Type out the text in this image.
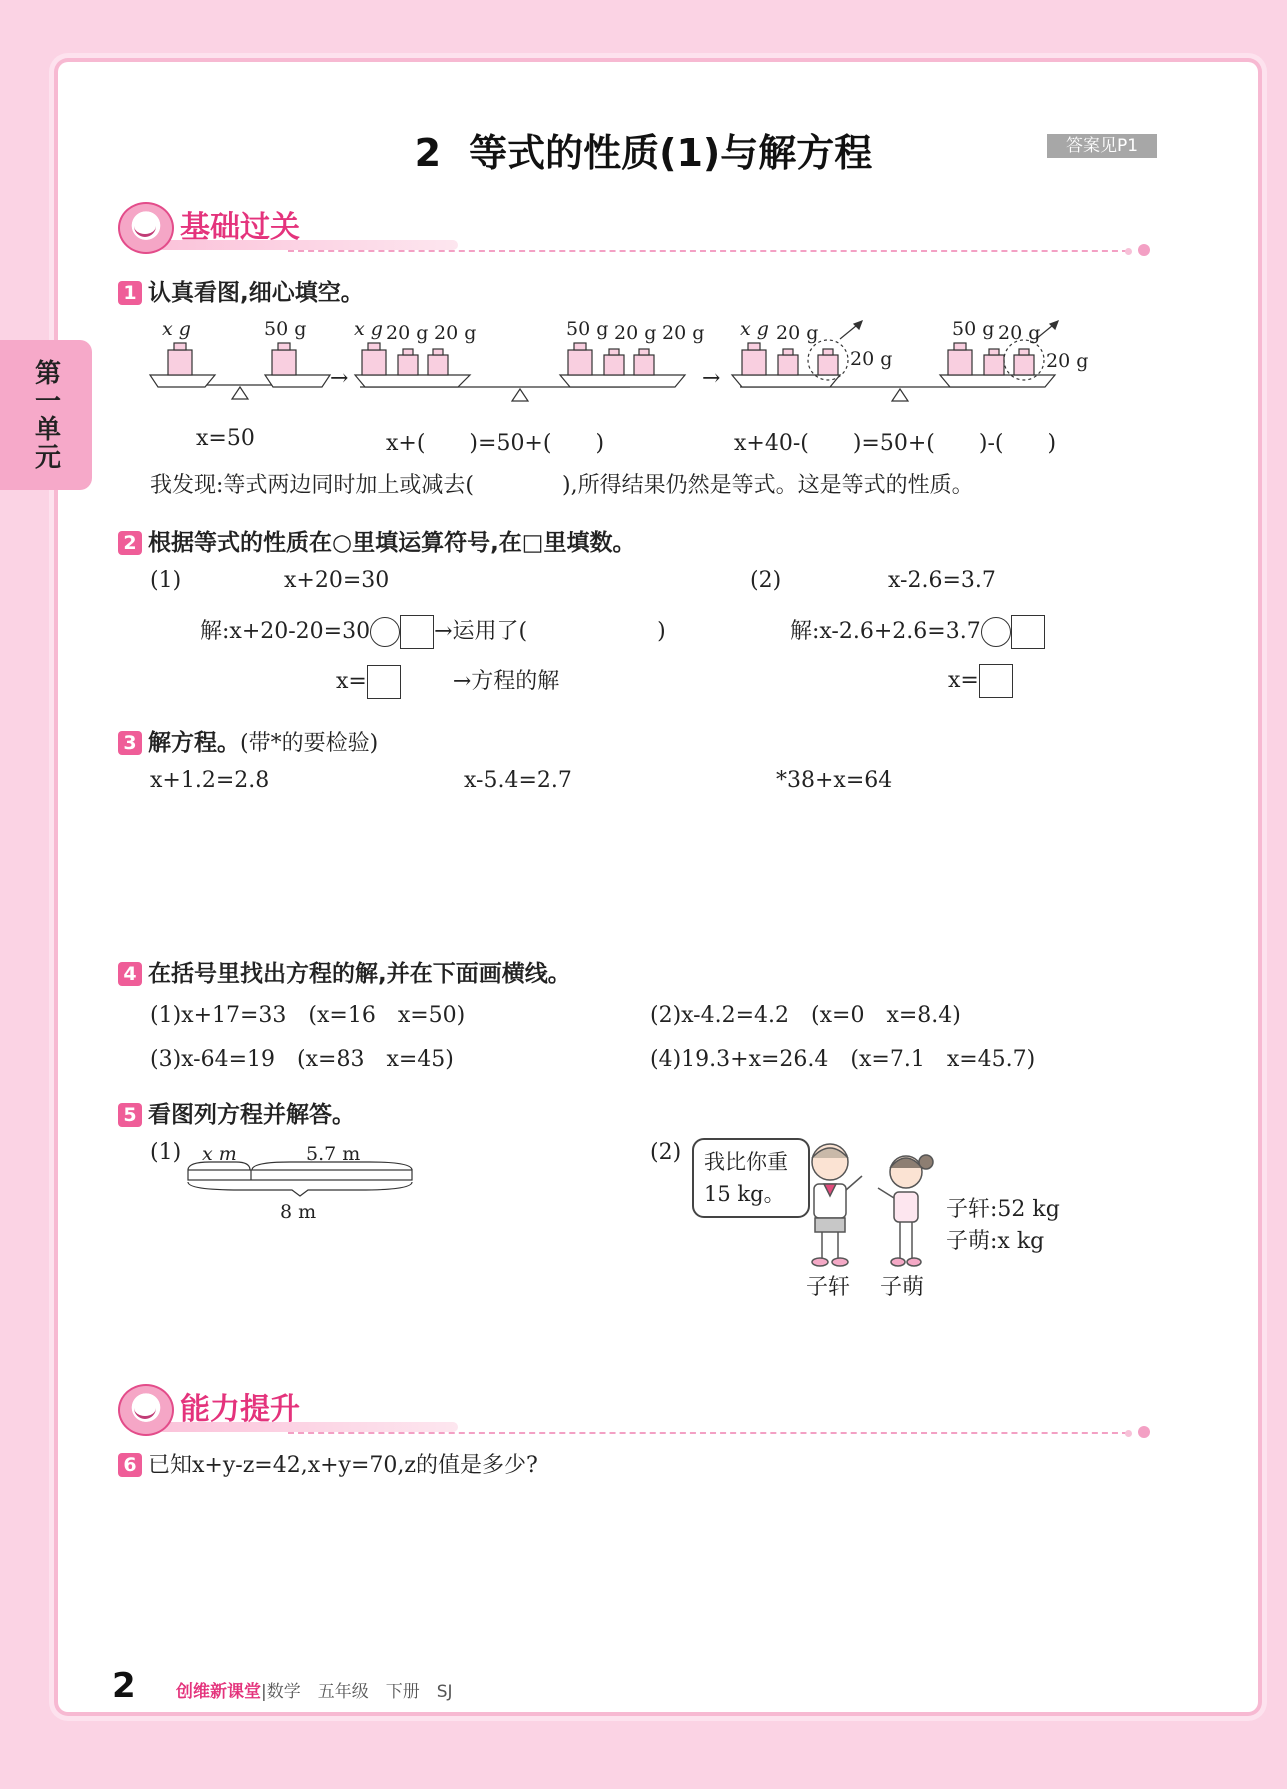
第一单元
2 等式的性质(1)与解方程	答案见P1
基础过关
1 认真看图,细心填空。
x g	50 g
→
x g 20 g 20 g	50 g 20 g 20 g
→
x g 20 g
20 g
50 g 20 g
20 g
x=50	x+(　　)=50+(　　)	x+40-(　　)=50+(　　)-(　　)
我发现:等式两边同时加上或减去(　　　　),所得结果仍然是等式。这是等式的性质。
2 根据等式的性质在○里填运算符号,在□里填数。
(1)	x+20=30	(2)	x-2.6=3.7
解:x+20-20=30	→运用了(	)	解:x-2.6+2.6=3.7
x=	→方程的解	x=
3 解方程。(带*的要检验)
x+1.2=2.8	x-5.4=2.7	*38+x=64
4 在括号里找出方程的解,并在下面画横线。
(1)x+17=33　(x=16　x=50)	(2)x-4.2=4.2　(x=0　x=8.4)
(3)x-64=19　(x=83　x=45)	(4)19.3+x=26.4　(x=7.1　x=45.7)
5 看图列方程并解答。
(1) x m	5.7 m
8 m
(2) 我比你重
15 kg。
子轩:52 kg
子萌:x kg
子轩 子萌
能力提升
6 已知x+y-z=42,x+y=70,z的值是多少?
2 创维新课堂|数学　五年级　下册　SJ
